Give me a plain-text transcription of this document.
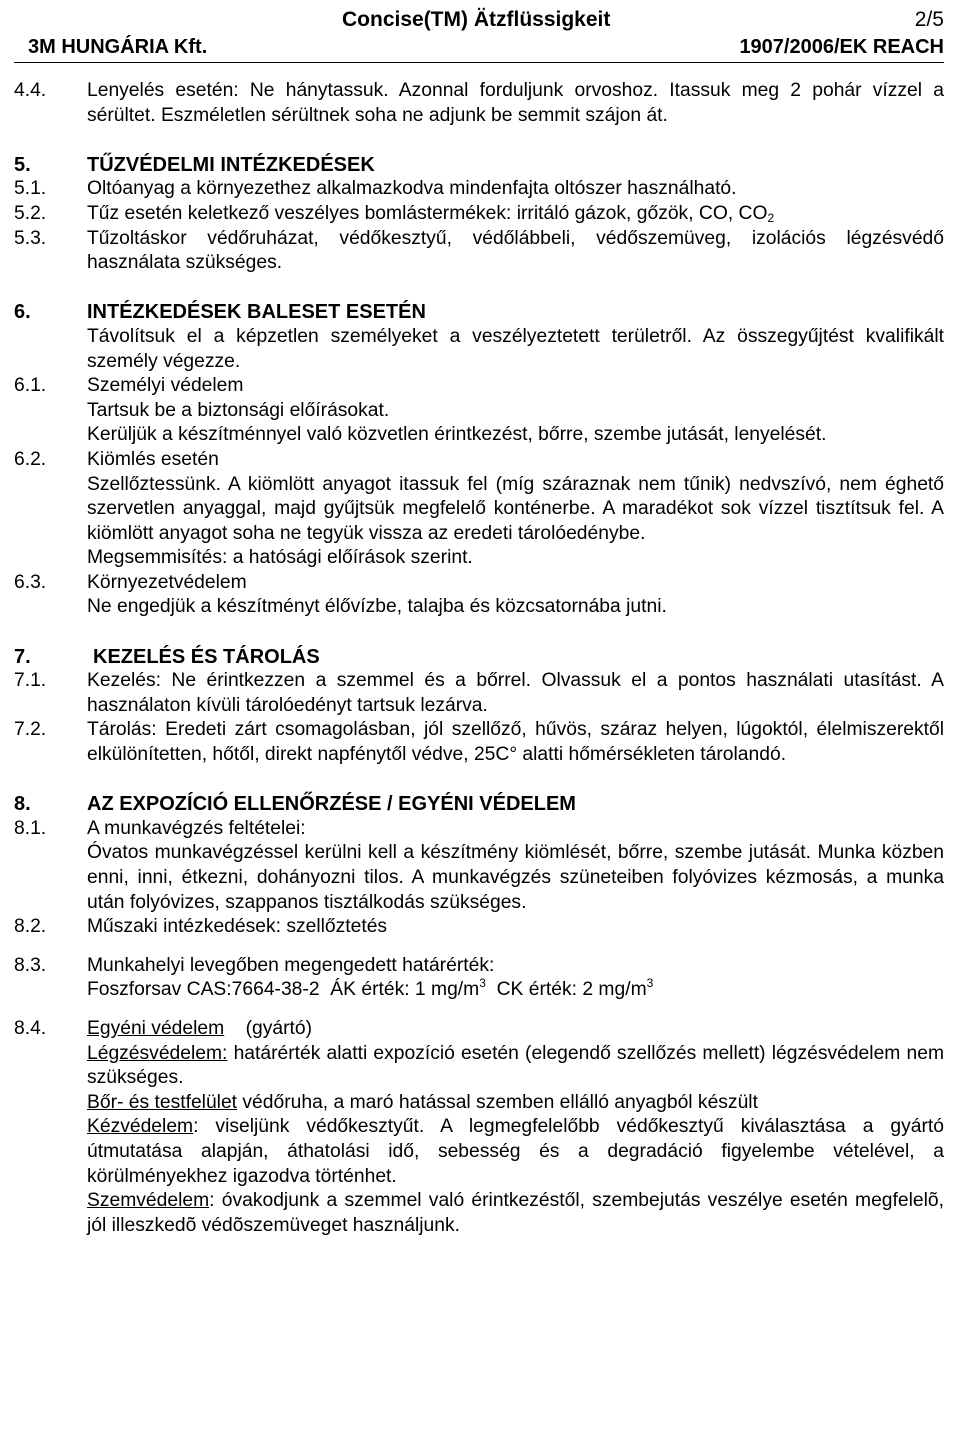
Concise(TM) Ätzflüssigkeit	2/5
3M HUNGÁRIA Kft.	1907/2006/EK REACH
4.4.	Lenyelés esetén: Ne hánytassuk. Azonnal forduljunk orvoshoz. Itassuk meg 2 pohár vízzel a sérültet. Eszméletlen sérültnek soha ne adjunk be semmit szájon át.
5.	TŰZVÉDELMI INTÉZKEDÉSEK
5.1.	Oltóanyag a környezethez alkalmazkodva mindenfajta oltószer használható.
5.2.	Tűz esetén keletkező veszélyes bomlástermékek: irritáló gázok, gőzök, CO, $CO_2$
5.3.	Tűzoltáskor védőruházat, védőkesztyű, védőlábbeli, védőszemüveg, izolációs légzésvédő használata szükséges.
6.	INTÉZKEDÉSEK BALESET ESETÉN
Távolítsuk el a képzetlen személyeket a veszélyeztetett területről. Az összegyűjtést kvalifikált személy végezze.
6.1.	Személyi védelem
Tartsuk be a biztonsági előírásokat.
Kerüljük a készítménnyel való közvetlen érintkezést, bőrre, szembe jutását, lenyelését.
6.2.	Kiömlés esetén
Szellőztessünk. A kiömlött anyagot itassuk fel (míg száraznak nem tűnik) nedvszívó, nem éghető szervetlen anyaggal, majd gyűjtsük megfelelő konténerbe. A maradékot sok vízzel tisztítsuk fel. A kiömlött anyagot soha ne tegyük vissza az eredeti tárolóedénybe.
Megsemmisítés: a hatósági előírások szerint.
6.3.	Környezetvédelem
Ne engedjük a készítményt élővízbe, talajba és közcsatornába jutni.
7.	KEZELÉS ÉS TÁROLÁS
7.1.	Kezelés: Ne érintkezzen a szemmel és a bőrrel. Olvassuk el a pontos használati utasítást. A használaton kívüli tárolóedényt tartsuk lezárva.
7.2.	Tárolás: Eredeti zárt csomagolásban, jól szellőző, hűvös, száraz helyen, lúgoktól, élelmiszerektől elkülönítetten, hőtől, direkt napfénytől védve, 25C° alatti hőmérsékleten tárolandó.
8.	AZ EXPOZÍCIÓ ELLENŐRZÉSE / EGYÉNI VÉDELEM
8.1.	A munkavégzés feltételei:
Óvatos munkavégzéssel kerülni kell a készítmény kiömlését, bőrre, szembe jutását. Munka közben enni, inni, étkezni, dohányozni tilos. A munkavégzés szüneteiben folyóvizes kézmosás, a munka után folyóvizes, szappanos tisztálkodás szükséges.
8.2.	Műszaki intézkedések: szellőztetés
8.3.	Munkahelyi levegőben megengedett határérték:
Foszforsav CAS:7664-38-2  ÁK érték: 1 $mg/m^3$  CK érték: 2 $mg/m^3$
8.4.	Egyéni védelem    (gyártó)
Légzésvédelem: határérték alatti expozíció esetén (elegendő szellőzés mellett) légzésvédelem nem szükséges.
Bőr- és testfelület védőruha, a maró hatással szemben ellálló anyagból készült
Kézvédelem: viseljünk védőkesztyűt. A legmegfelelőbb védőkesztyű kiválasztása a gyártó útmutatása alapján, áthatolási idő, sebesség és a degradáció figyelembe vételével, a körülményekhez igazodva történhet.
Szemvédelem: óvakodjunk a szemmel való érintkezéstől, szembejutás veszélye esetén megfelelõ, jól illeszkedõ védõszemüveget használjunk.
